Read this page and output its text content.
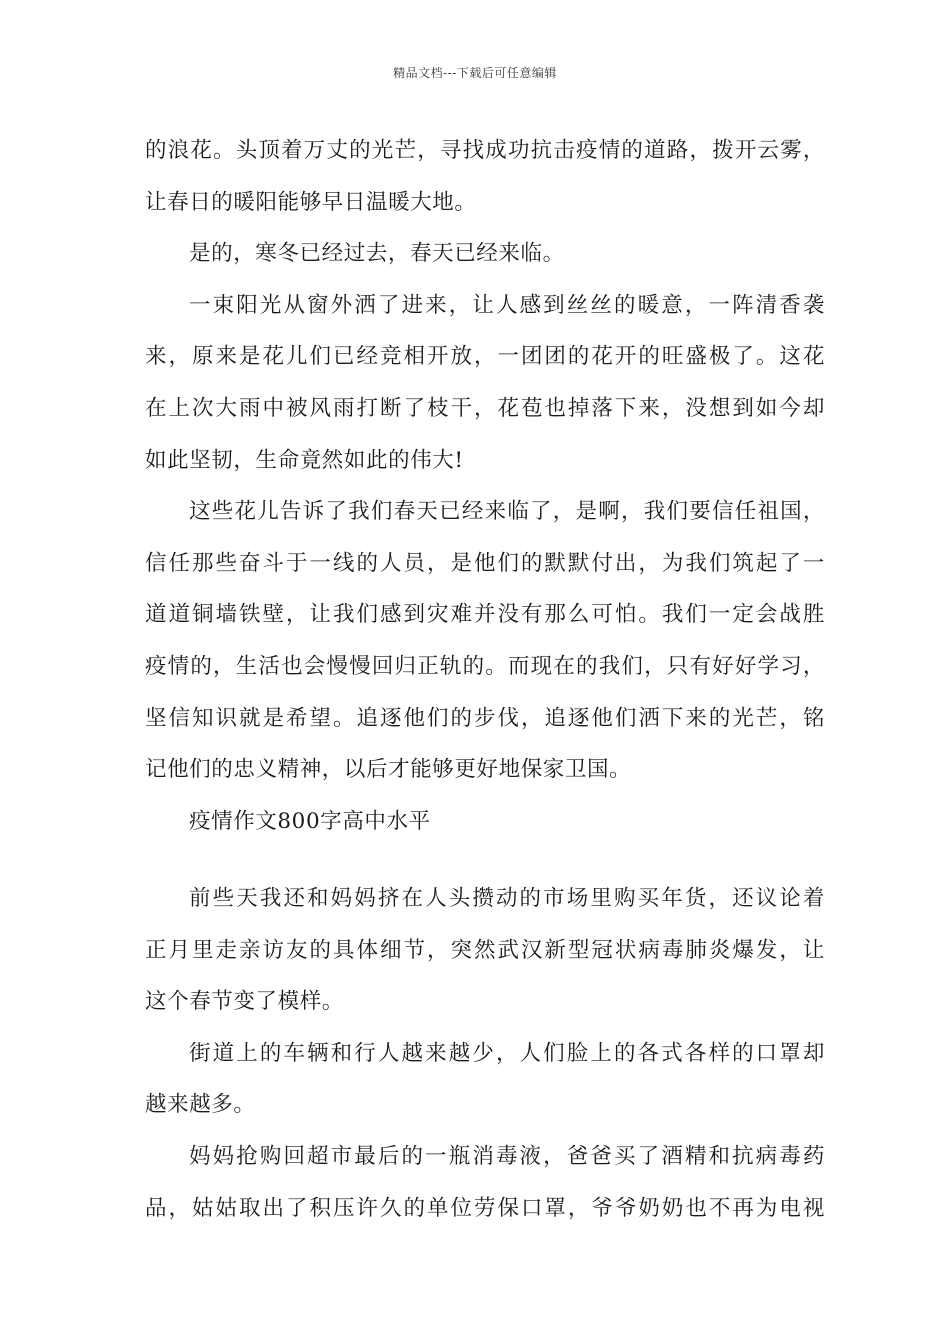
精品文档---下载后可任意编辑
的浪花。头顶着万丈的光芒，寻找成功抗击疫情的道路，拨开云雾，
让春日的暖阳能够早日温暖大地。
是的，寒冬已经过去，春天已经来临。
一束阳光从窗外洒了进来，让人感到丝丝的暖意，一阵清香袭
来，原来是花儿们已经竞相开放，一团团的花开的旺盛极了。这花
在上次大雨中被风雨打断了枝干，花苞也掉落下来，没想到如今却
如此坚韧，生命竟然如此的伟大!
这些花儿告诉了我们春天已经来临了，是啊，我们要信任祖国，
信任那些奋斗于一线的人员，是他们的默默付出，为我们筑起了一
道道铜墙铁壁，让我们感到灾难并没有那么可怕。我们一定会战胜
疫情的，生活也会慢慢回归正轨的。而现在的我们，只有好好学习，
坚信知识就是希望。追逐他们的步伐，追逐他们洒下来的光芒，铭
记他们的忠义精神，以后才能够更好地保家卫国。
疫情作文800字高中水平
前些天我还和妈妈挤在人头攒动的市场里购买年货，还议论着
正月里走亲访友的具体细节，突然武汉新型冠状病毒肺炎爆发，让
这个春节变了模样。
街道上的车辆和行人越来越少，人们脸上的各式各样的口罩却
越来越多。
妈妈抢购回超市最后的一瓶消毒液，爸爸买了酒精和抗病毒药
品，姑姑取出了积压许久的单位劳保口罩，爷爷奶奶也不再为电视
